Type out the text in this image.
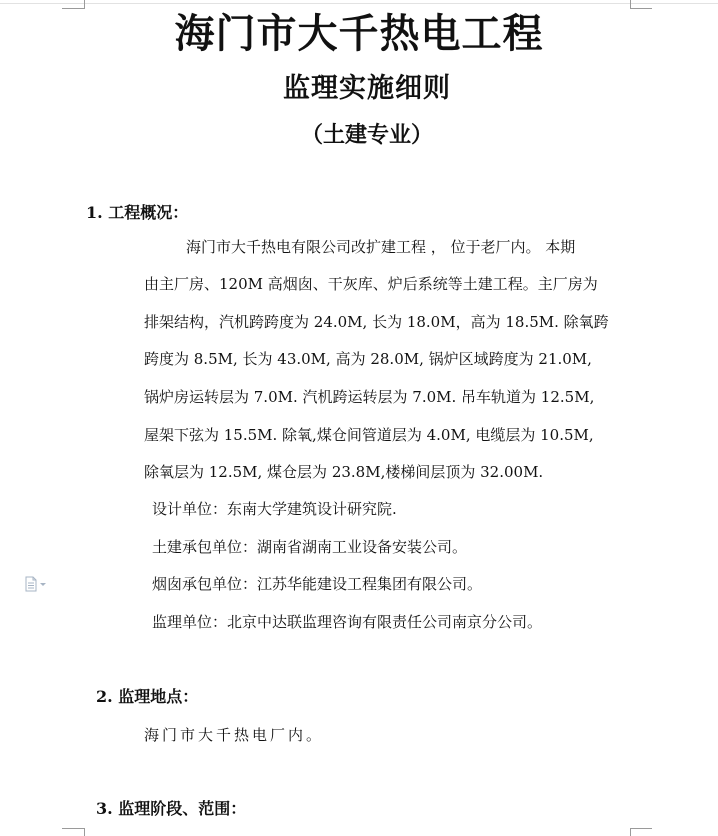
海门市大千热电工程
监理实施细则
（土建专业）
1. 工程概况：
海门市大千热电有限公司改扩建工程 ， 位于老厂内。 本期
由主厂房、120M 高烟囱、干灰库、炉后系统等土建工程。主厂房为
排架结构，汽机跨跨度为 24.0M, 长为 18.0M，高为 18.5M. 除氧跨
跨度为 8.5M, 长为 43.0M, 高为 28.0M, 锅炉区域跨度为 21.0M,
锅炉房运转层为 7.0M. 汽机跨运转层为 7.0M. 吊车轨道为 12.5M,
屋架下弦为 15.5M. 除氧,煤仓间管道层为 4.0M, 电缆层为 10.5M,
除氧层为 12.5M, 煤仓层为 23.8M,楼梯间层顶为 32.00M.
设计单位：东南大学建筑设计研究院.
土建承包单位：湖南省湖南工业设备安装公司。
烟囱承包单位：江苏华能建设工程集团有限公司。
监理单位：北京中达联监理咨询有限责任公司南京分公司。
2. 监理地点：
海门市大千热电厂内。
3. 监理阶段、范围：
